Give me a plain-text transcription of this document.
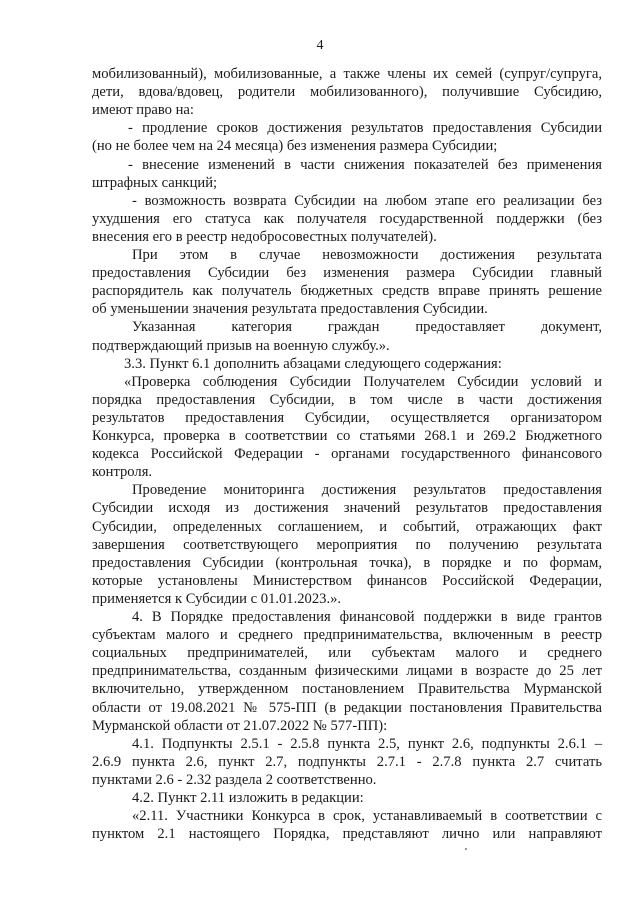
4
мобилизованный), мобилизованные, а также члены их семей (супруг/супруга,
дети, вдова/вдовец, родители мобилизованного), получившие Субсидию,
имеют право на:
- продление сроков достижения результатов предоставления Субсидии
(но не более чем на 24 месяца) без изменения размера Субсидии;
- внесение изменений в части снижения показателей без применения
штрафных санкций;
- возможность возврата Субсидии на любом этапе его реализации без
ухудшения его статуса как получателя государственной поддержки (без
внесения его в реестр недобросовестных получателей).
При этом в случае невозможности достижения результата
предоставления Субсидии без изменения размера Субсидии главный
распорядитель как получатель бюджетных средств вправе принять решение
об уменьшении значения результата предоставления Субсидии.
Указанная категория граждан предоставляет документ,
подтверждающий призыв на военную службу.».
3.3. Пункт 6.1 дополнить абзацами следующего содержания:
«Проверка соблюдения Субсидии Получателем Субсидии условий и
порядка предоставления Субсидии, в том числе в части достижения
результатов предоставления Субсидии, осуществляется организатором
Конкурса, проверка в соответствии со статьями 268.1 и 269.2 Бюджетного
кодекса Российской Федерации - органами государственного финансового
контроля.
Проведение мониторинга достижения результатов предоставления
Субсидии исходя из достижения значений результатов предоставления
Субсидии, определенных соглашением, и событий, отражающих факт
завершения соответствующего мероприятия по получению результата
предоставления Субсидии (контрольная точка), в порядке и по формам,
которые установлены Министерством финансов Российской Федерации,
применяется к Субсидии с 01.01.2023.».
4. В Порядке предоставления финансовой поддержки в виде грантов
субъектам малого и среднего предпринимательства, включенным в реестр
социальных предпринимателей, или субъектам малого и среднего
предпринимательства, созданным физическими лицами в возрасте до 25 лет
включительно, утвержденном постановлением Правительства Мурманской
области от 19.08.2021 № 575-ПП (в редакции постановления Правительства
Мурманской области от 21.07.2022 № 577-ПП):
4.1. Подпункты 2.5.1 - 2.5.8 пункта 2.5, пункт 2.6, подпункты 2.6.1 –
2.6.9 пункта 2.6, пункт 2.7, подпункты 2.7.1 - 2.7.8 пункта 2.7 считать
пунктами 2.6 - 2.32 раздела 2 соответственно.
4.2. Пункт 2.11 изложить в редакции:
«2.11. Участники Конкурса в срок, устанавливаемый в соответствии с
пунктом 2.1 настоящего Порядка, представляют лично или направляют
